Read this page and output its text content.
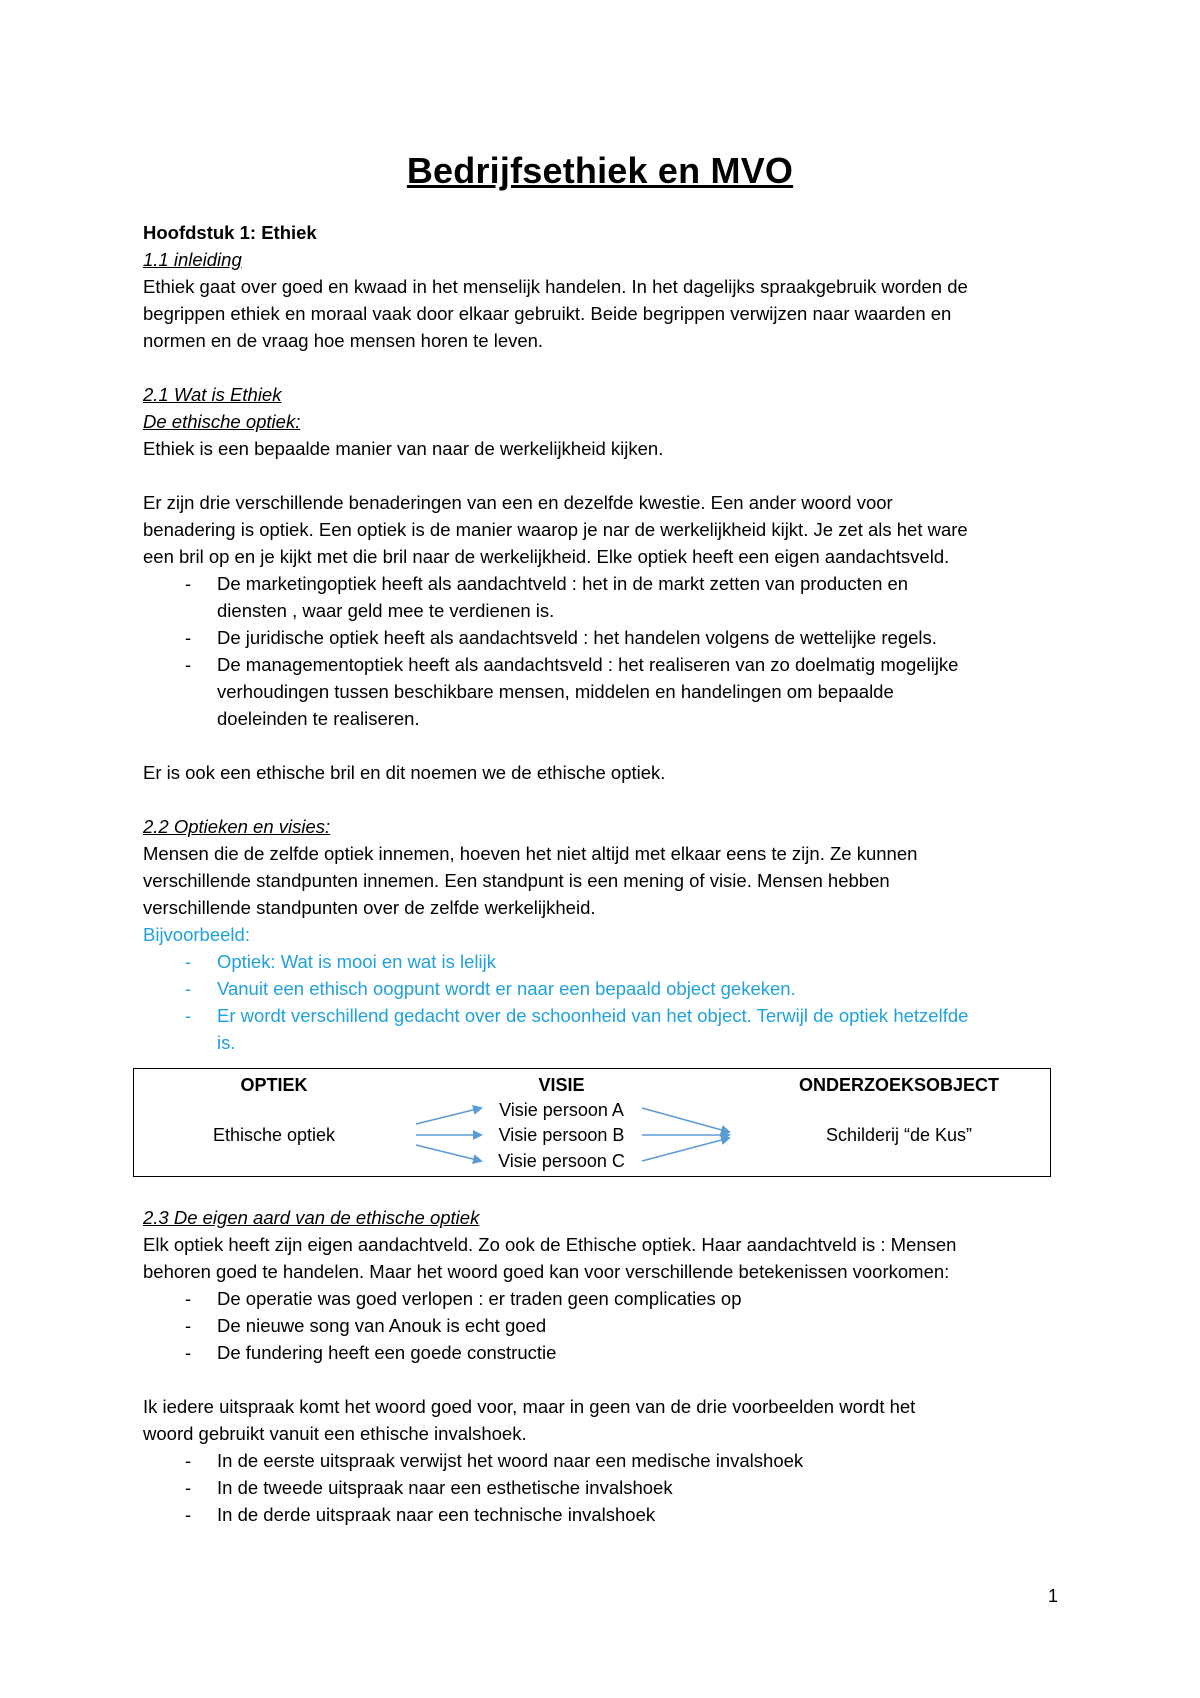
Bedrijfsethiek en MVO

Hoofdstuk 1: Ethiek

1.1 inleiding

Ethiek gaat over goed en kwaad in het menselijk handelen. In het dagelijks spraakgebruik worden de

begrippen ethiek en moraal vaak door elkaar gebruikt. Beide begrippen verwijzen naar waarden en

normen en de vraag hoe mensen horen te leven.

2.1 Wat is Ethiek

De ethische optiek:

Ethiek is een bepaalde manier van naar de werkelijkheid kijken.

Er zijn drie verschillende benaderingen van een en dezelfde kwestie. Een ander woord voor

benadering is optiek. Een optiek is de manier waarop je nar de werkelijkheid kijkt. Je zet als het ware

een bril op en je kijkt met die bril naar de werkelijkheid. Elke optiek heeft een eigen aandachtsveld.

- De marketingoptiek heeft als aandachtveld : het in de markt zetten van producten en
diensten , waar geld mee te verdienen is.
- De juridische optiek heeft als aandachtsveld : het handelen volgens de wettelijke regels.
- De managementoptiek heeft als aandachtsveld : het realiseren van zo doelmatig mogelijke
verhoudingen tussen beschikbare mensen, middelen en handelingen om bepaalde
doeleinden te realiseren.

Er is ook een ethische bril en dit noemen we de ethische optiek.

2.2 Optieken en visies:

Mensen die de zelfde optiek innemen, hoeven het niet altijd met elkaar eens te zijn. Ze kunnen

verschillende standpunten innemen. Een standpunt is een mening of visie. Mensen hebben

verschillende standpunten over de zelfde werkelijkheid.

Bijvoorbeeld:

- Optiek: Wat is mooi en wat is lelijk
- Vanuit een ethisch oogpunt wordt er naar een bepaald object gekeken.
- Er wordt verschillend gedacht over de schoonheid van het object. Terwijl de optiek hetzelfde
is.
OPTIEK	VISIE	ONDERZOEKSOBJECT
Ethische optiek
Visie persoon A
Visie persoon B
Visie persoon C
Schilderij “de Kus”

2.3 De eigen aard van de ethische optiek

Elk optiek heeft zijn eigen aandachtveld. Zo ook de Ethische optiek. Haar aandachtveld is : Mensen

behoren goed te handelen. Maar het woord goed kan voor verschillende betekenissen voorkomen:

- De operatie was goed verlopen : er traden geen complicaties op
- De nieuwe song van Anouk is echt goed
- De fundering heeft een goede constructie

Ik iedere uitspraak komt het woord goed voor, maar in geen van de drie voorbeelden wordt het

woord gebruikt vanuit een ethische invalshoek.

- In de eerste uitspraak verwijst het woord naar een medische invalshoek
- In de tweede uitspraak naar een esthetische invalshoek
- In de derde uitspraak naar een technische invalshoek
1
